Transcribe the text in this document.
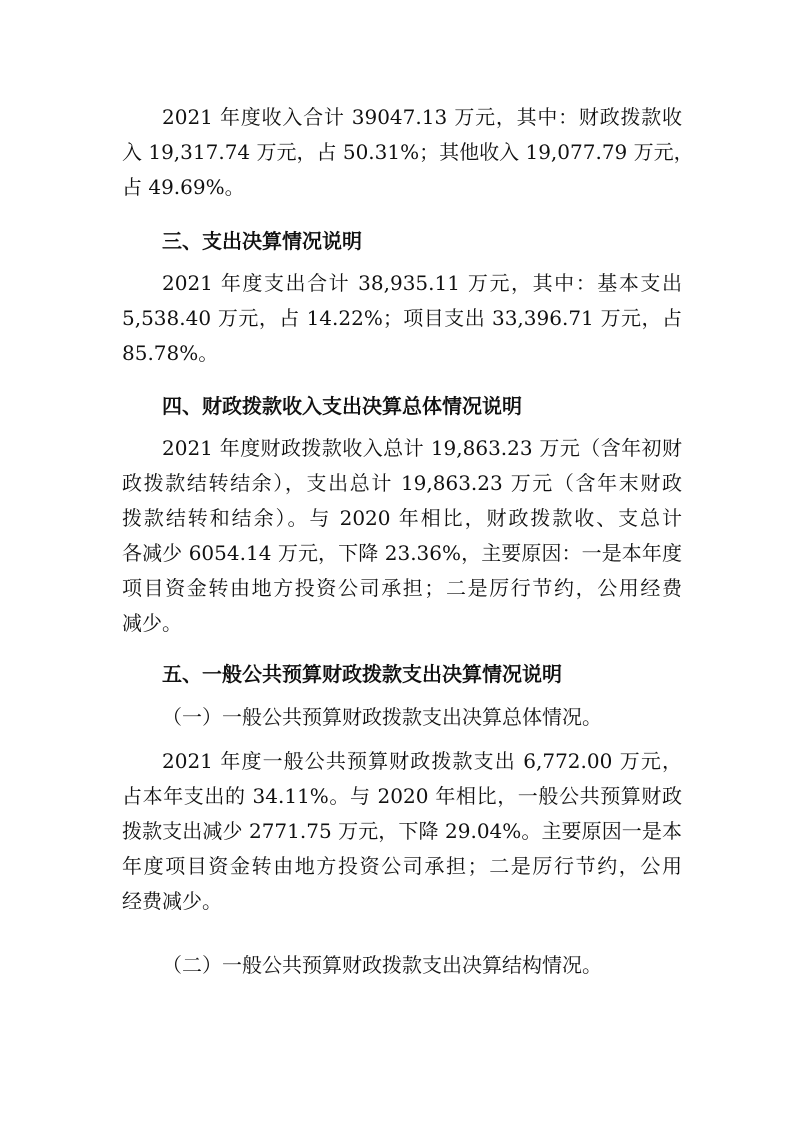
2021 年度收入合计 39047.13 万元，其中：财政拨款收
入 19,317.74 万元，占 50.31%；其他收入 19,077.79 万元，
占 49.69%。
三、支出决算情况说明
2021 年度支出合计 38,935.11 万元，其中：基本支出
5,538.40 万元，占 14.22%；项目支出 33,396.71 万元，占
85.78%。
四、财政拨款收入支出决算总体情况说明
2021 年度财政拨款收入总计 19,863.23 万元（含年初财
政拨款结转结余），支出总计 19,863.23 万元（含年末财政
拨款结转和结余）。与 2020 年相比，财政拨款收、支总计
各减少 6054.14 万元，下降 23.36%，主要原因：一是本年度
项目资金转由地方投资公司承担；二是厉行节约，公用经费
减少。
五、一般公共预算财政拨款支出决算情况说明
（一）一般公共预算财政拨款支出决算总体情况。
2021 年度一般公共预算财政拨款支出 6,772.00 万元，
占本年支出的 34.11%。与 2020 年相比，一般公共预算财政
拨款支出减少 2771.75 万元，下降 29.04%。主要原因一是本
年度项目资金转由地方投资公司承担；二是厉行节约，公用
经费减少。
（二）一般公共预算财政拨款支出决算结构情况。
